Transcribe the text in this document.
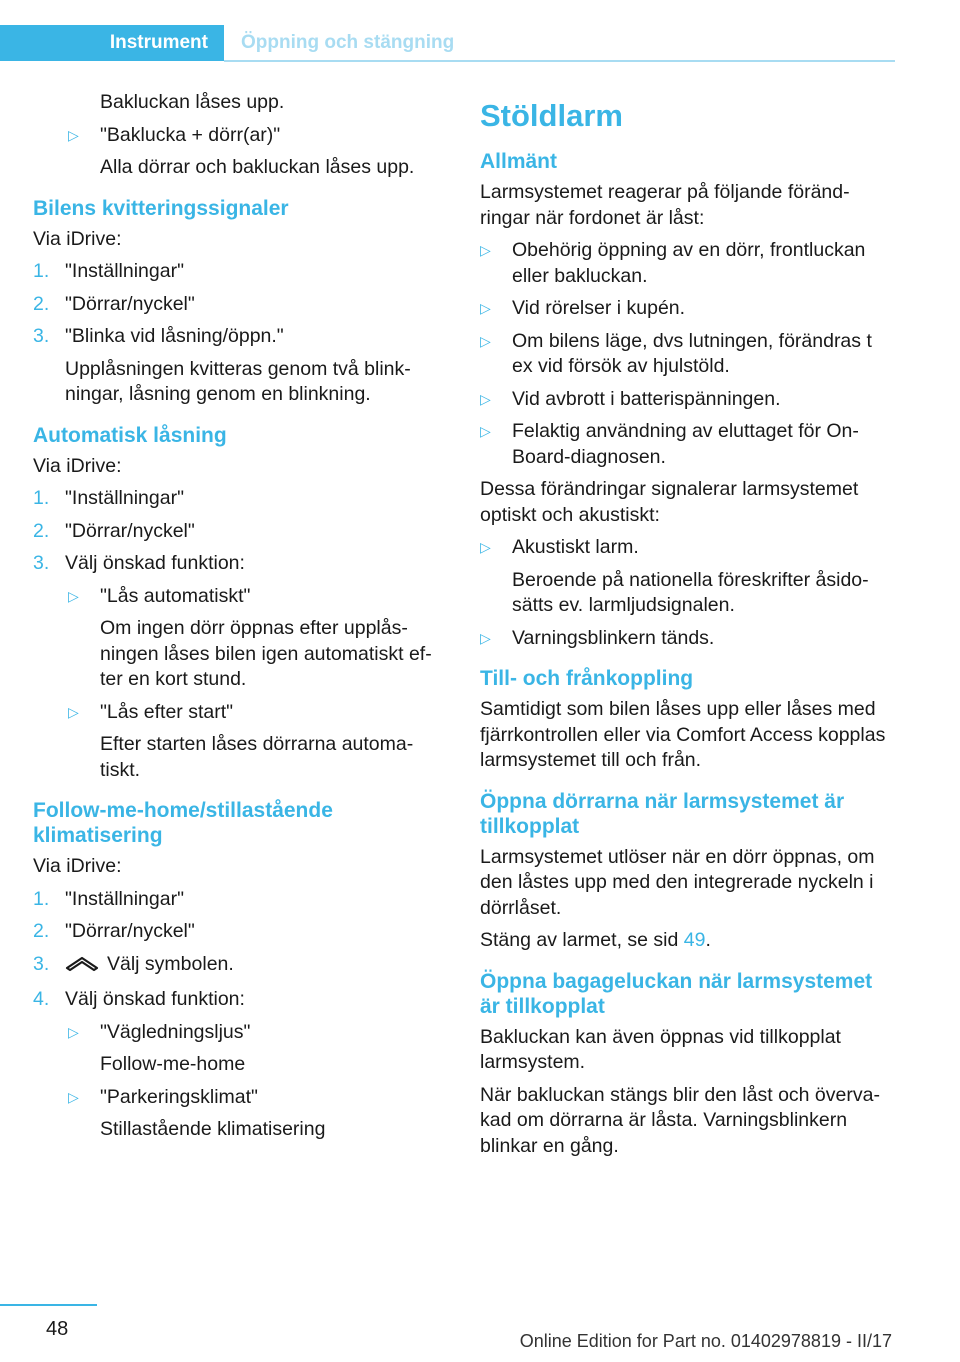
Instrument Öppning och stängning

Bakluckan låses upp.

▷ "Baklucka + dörr(ar)"

Alla dörrar och bakluckan låses upp.

Bilens kvitteringssignaler

Via iDrive:

1. "Inställningar"
2. "Dörrar/nyckel"
3. "Blinka vid låsning/öppn."

Upplåsningen kvitteras genom två blinkningar, låsning genom en blinkning.

Automatisk låsning

Via iDrive:

1. "Inställningar"
2. "Dörrar/nyckel"
3. Välj önskad funktion:
▷ "Lås automatiskt"

Om ingen dörr öppnas efter upplåsningen låses bilen igen automatiskt efter en kort stund.

▷ "Lås efter start"

Efter starten låses dörrarna automatiskt.

Follow-me-home/stillastående klimatisering

Via iDrive:

1. "Inställningar"
2. "Dörrar/nyckel"
3.	Välj symbolen.
4. Välj önskad funktion:
▷ "Vägledningsljus"

Follow-me-home

▷ "Parkeringsklimat"

Stillastående klimatisering

Stöldlarm
Allmänt

Larmsystemet reagerar på följande förändringar när fordonet är låst:

▷ Obehörig öppning av en dörr, frontluckan eller bakluckan.
▷ Vid rörelser i kupén.
▷ Om bilens läge, dvs lutningen, förändras t ex vid försök av hjulstöld.
▷ Vid avbrott i batterispänningen.
▷ Felaktig användning av eluttaget för On-Board-diagnosen.

Dessa förändringar signalerar larmsystemet optiskt och akustiskt:

▷ Akustiskt larm.

Beroende på nationella föreskrifter åsidosätts ev. larmljudsignalen.

▷ Varningsblinkern tänds.
Till- och frånkoppling

Samtidigt som bilen låses upp eller låses med fjärrkontrollen eller via Comfort Access kopplas larmsystemet till och från.

Öppna dörrarna när larmsystemet är tillkopplat

Larmsystemet utlöser när en dörr öppnas, om den låstes upp med den integrerade nyckeln i dörrlåset.

Stäng av larmet, se sid 49.

Öppna bagageluckan när larmsystemet är tillkopplat

Bakluckan kan även öppnas vid tillkopplat larmsystem.

När bakluckan stängs blir den låst och övervakad om dörrarna är låsta. Varningsblinkern blinkar en gång.

48
Online Edition for Part no. 01402978819 - II/17
